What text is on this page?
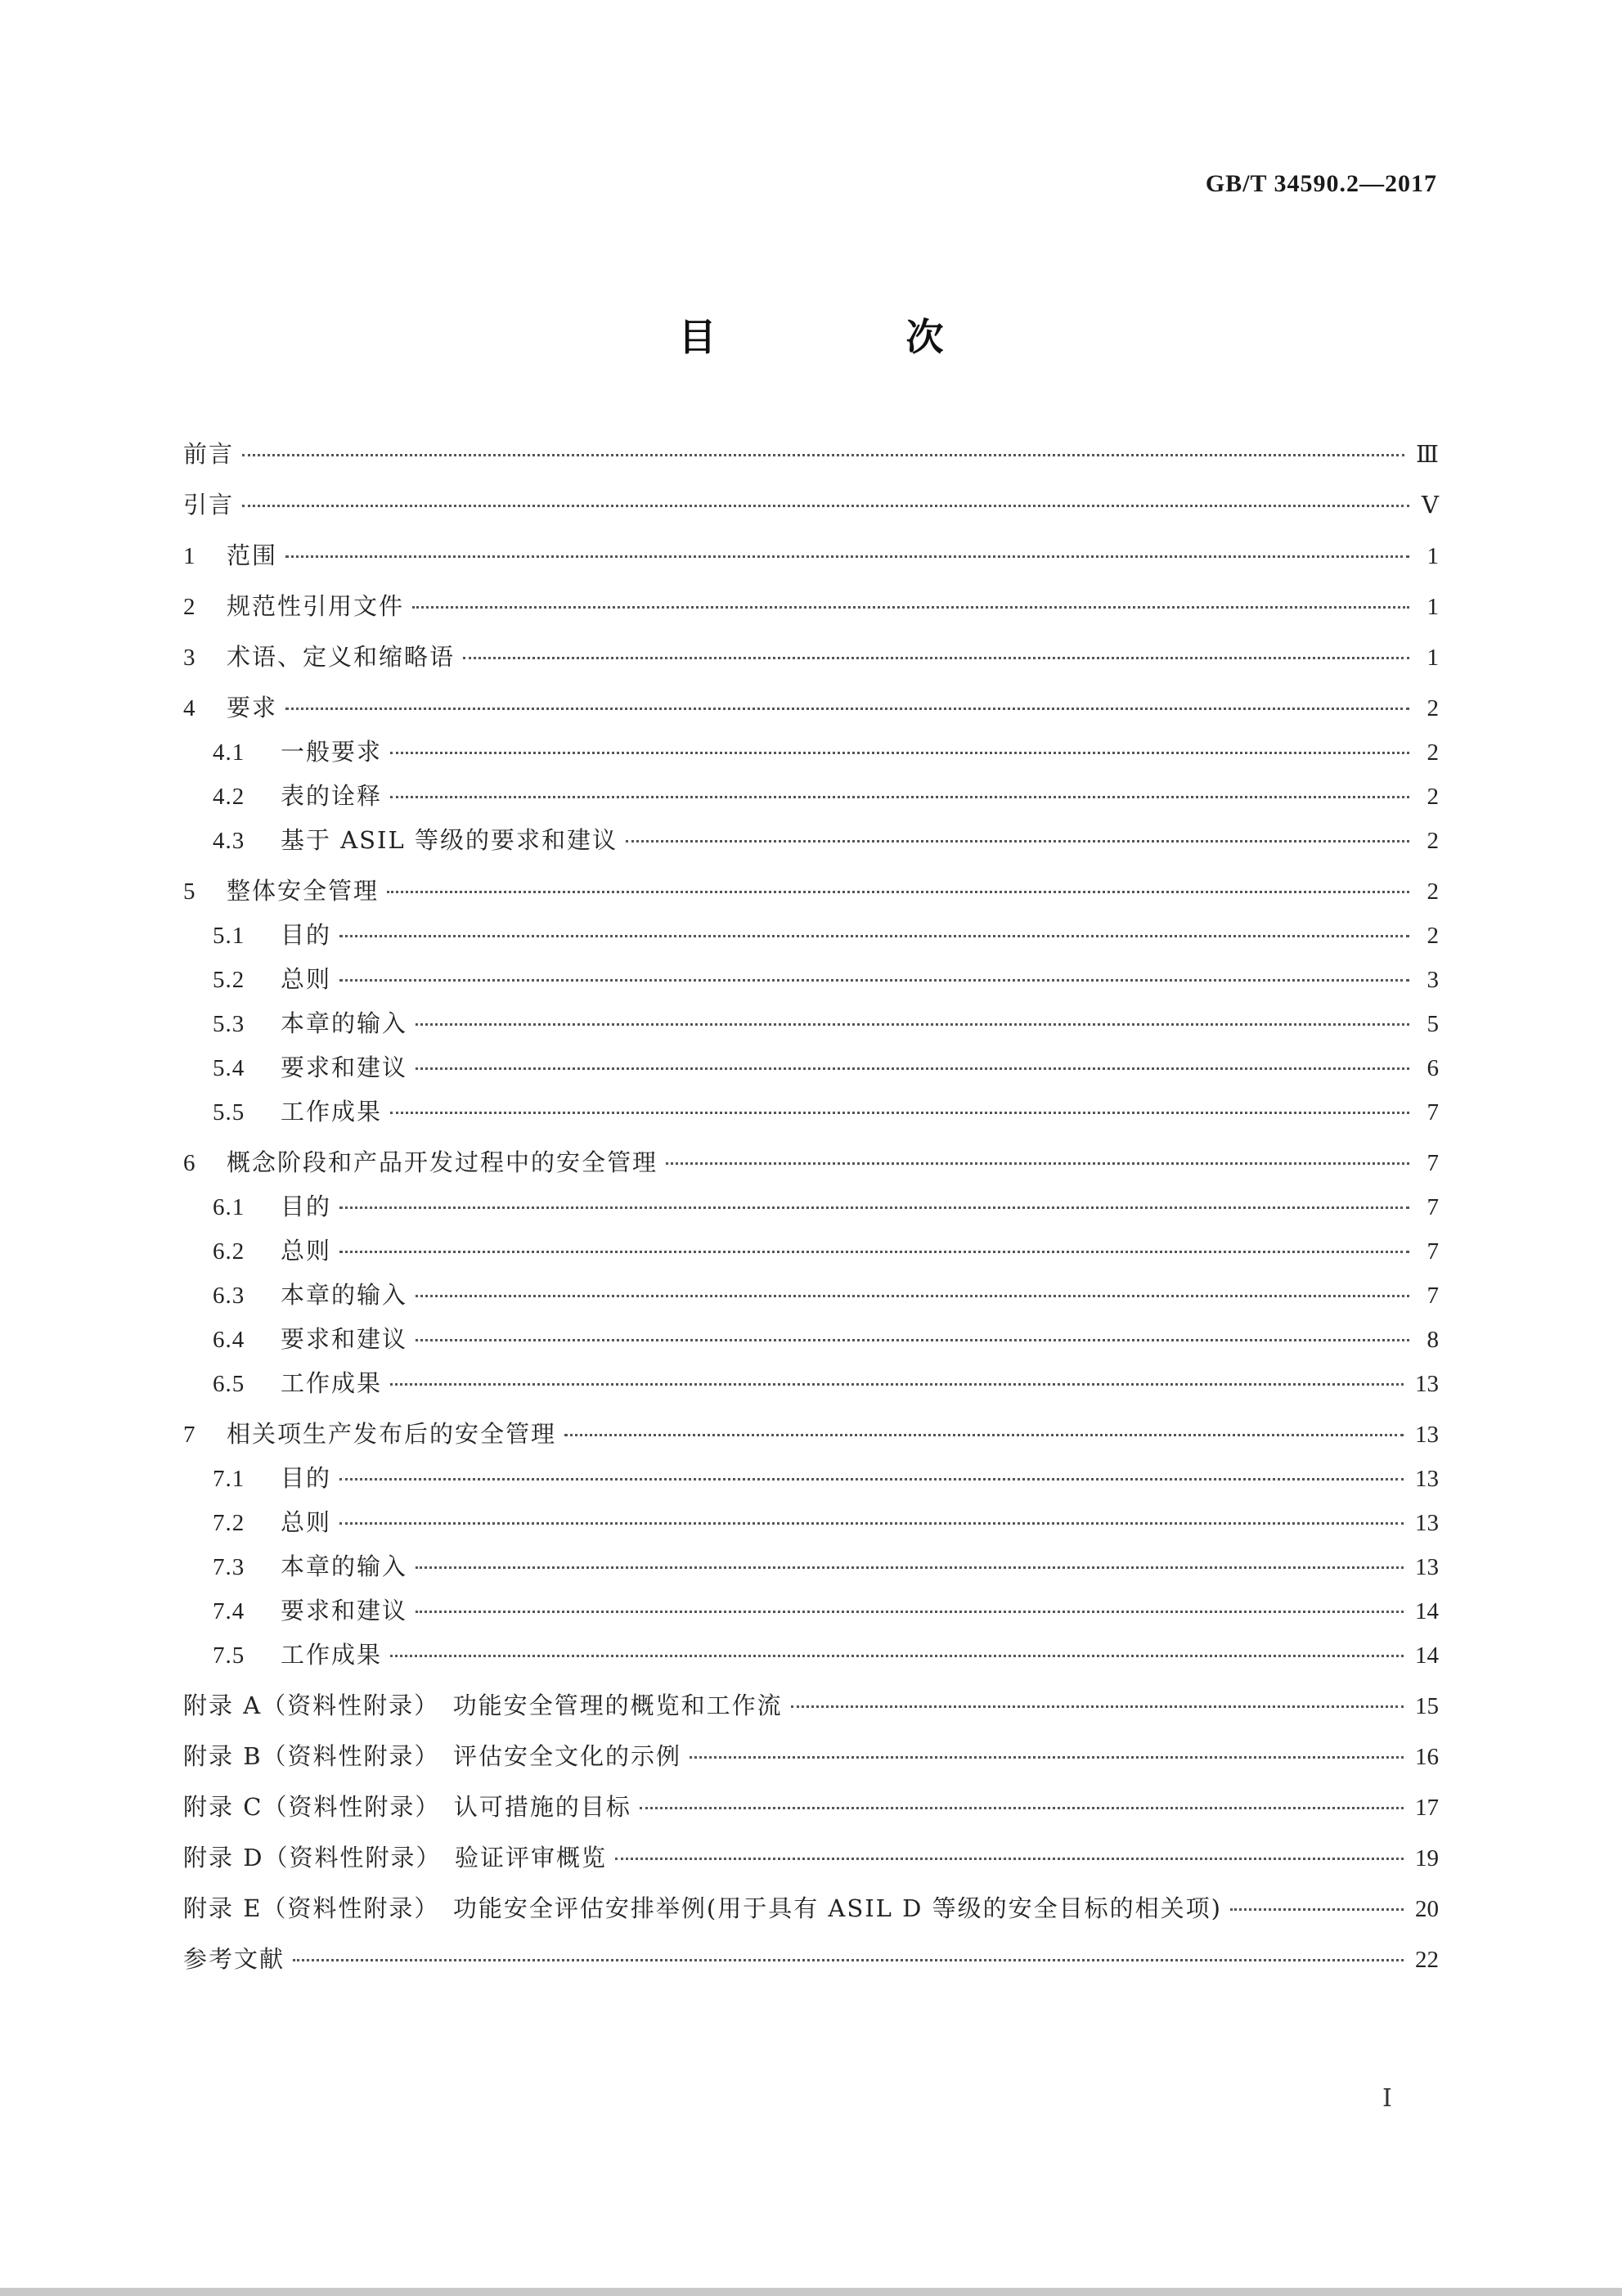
GB/T 34590.2—2017
目 次
前言	Ⅲ
引言	Ⅴ
1	范围	1
2	规范性引用文件	1
3	术语、定义和缩略语	1
4	要求	2
4.1	一般要求	2
4.2	表的诠释	2
4.3	基于 ASIL 等级的要求和建议	2
5	整体安全管理	2
5.1	目的	2
5.2	总则	3
5.3	本章的输入	5
5.4	要求和建议	6
5.5	工作成果	7
6	概念阶段和产品开发过程中的安全管理	7
6.1	目的	7
6.2	总则	7
6.3	本章的输入	7
6.4	要求和建议	8
6.5	工作成果	13
7	相关项生产发布后的安全管理	13
7.1	目的	13
7.2	总则	13
7.3	本章的输入	13
7.4	要求和建议	14
7.5	工作成果	14
附录 A（资料性附录）　功能安全管理的概览和工作流	15
附录 B（资料性附录）　评估安全文化的示例	16
附录 C（资料性附录）　认可措施的目标	17
附录 D（资料性附录）　验证评审概览	19
附录 E（资料性附录）　功能安全评估安排举例(用于具有 ASIL D 等级的安全目标的相关项)	20
参考文献	22
Ⅰ
